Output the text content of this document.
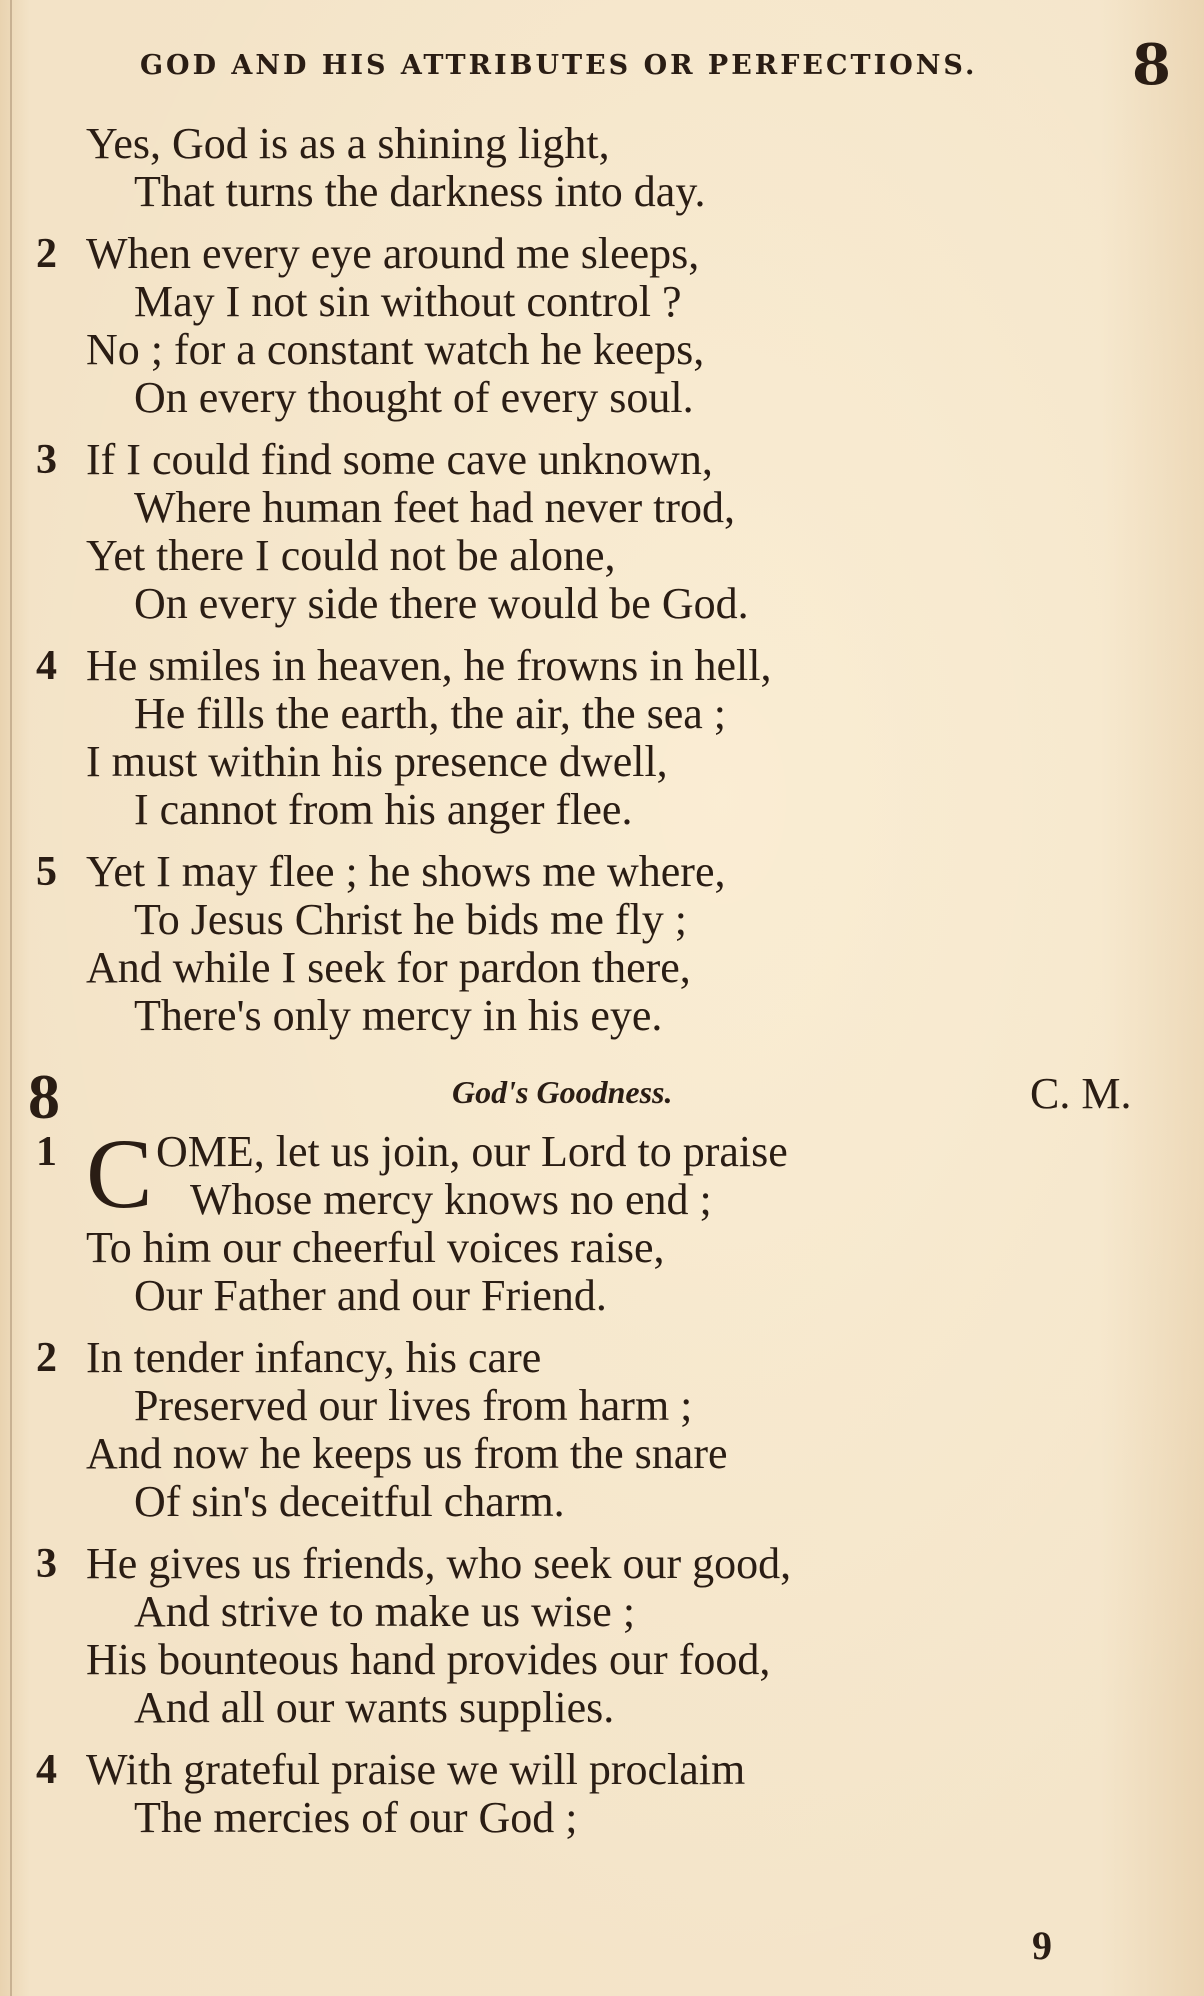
GOD AND HIS ATTRIBUTES OR PERFECTIONS.	8
Yes, God is as a shining light,
That turns the darkness into day.
2 When every eye around me sleeps,
May I not sin without control ?
No ; for a constant watch he keeps,
On every thought of every soul.
3 If I could find some cave unknown,
Where human feet had never trod,
Yet there I could not be alone,
On every side there would be God.
4 He smiles in heaven, he frowns in hell,
He fills the earth, the air, the sea ;
I must within his presence dwell,
I cannot from his anger flee.
5 Yet I may flee ; he shows me where,
To Jesus Christ he bids me fly ;
And while I seek for pardon there,
There's only mercy in his eye.
8	God's Goodness.	C. M.
1 C OME, let us join, our Lord to praise
Whose mercy knows no end ;
To him our cheerful voices raise,
Our Father and our Friend.
2 In tender infancy, his care
Preserved our lives from harm ;
And now he keeps us from the snare
Of sin's deceitful charm.
3 He gives us friends, who seek our good,
And strive to make us wise ;
His bounteous hand provides our food,
And all our wants supplies.
4 With grateful praise we will proclaim
The mercies of our God ;
9
